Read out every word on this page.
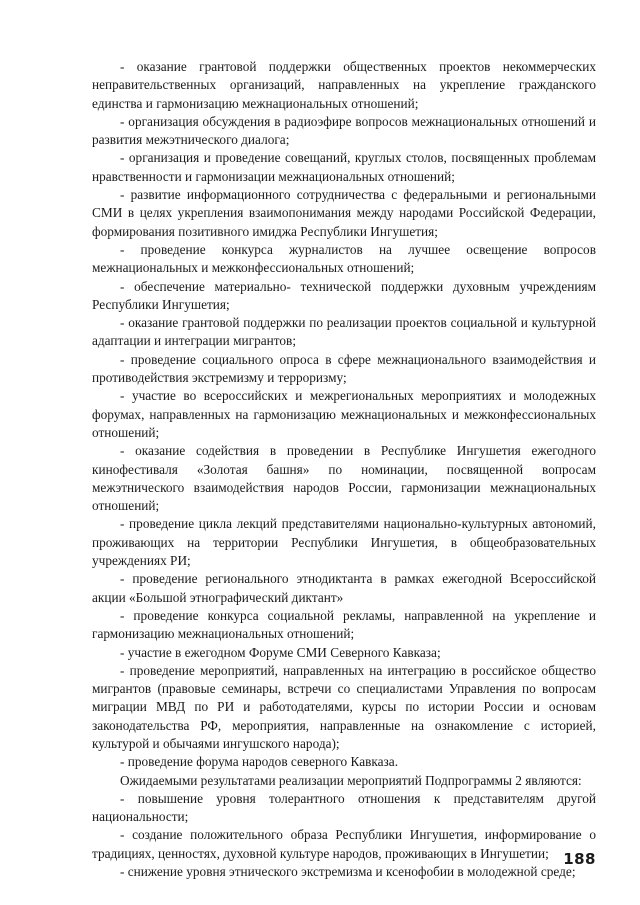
- оказание грантовой поддержки общественных проектов некоммерческих неправительственных организаций, направленных на укрепление гражданского единства и гармонизацию межнациональных отношений;

- организация обсуждения в радиоэфире вопросов межнациональных отношений и развития межэтнического диалога;

- организация и проведение совещаний, круглых столов, посвященных проблемам нравственности и гармонизации межнациональных отношений;

- развитие информационного сотрудничества с федеральными и региональными СМИ в целях укрепления взаимопонимания между народами Российской Федерации, формирования позитивного имиджа Республики Ингушетия;

- проведение конкурса журналистов на лучшее освещение вопросов межнациональных и межконфессиональных отношений;

- обеспечение материально- технической поддержки духовным учреждениям Республики Ингушетия;

- оказание грантовой поддержки по реализации проектов социальной и культурной адаптации и интеграции мигрантов;

- проведение социального опроса в сфере межнационального взаимодействия и противодействия экстремизму и терроризму;

- участие во всероссийских и межрегиональных мероприятиях и молодежных форумах, направленных на гармонизацию межнациональных и межконфессиональных отношений;

- оказание содействия в проведении в Республике Ингушетия ежегодного кинофестиваля «Золотая башня» по номинации, посвященной вопросам межэтнического взаимодействия народов России, гармонизации межнациональных отношений;

- проведение цикла лекций представителями национально-культурных автономий, проживающих на территории Республики Ингушетия, в общеобразовательных учреждениях РИ;

- проведение регионального этнодиктанта в рамках ежегодной Всероссийской акции «Большой этнографический диктант»

- проведение конкурса социальной рекламы, направленной на укрепление и гармонизацию межнациональных отношений;

- участие в ежегодном Форуме СМИ Северного Кавказа;

- проведение мероприятий, направленных на интеграцию в российское общество мигрантов (правовые семинары, встречи со специалистами Управления по вопросам миграции МВД по РИ и работодателями, курсы по истории России и основам законодательства РФ, мероприятия, направленные на ознакомление с историей, культурой и обычаями ингушского народа);

- проведение форума народов северного Кавказа.

Ожидаемыми результатами реализации мероприятий Подпрограммы 2 являются:

- повышение уровня толерантного отношения к представителям другой национальности;

- создание положительного образа Республики Ингушетия, информирование о традициях, ценностях, духовной культуре народов, проживающих в Ингушетии;

- снижение уровня этнического экстремизма и ксенофобии в молодежной среде;

188
